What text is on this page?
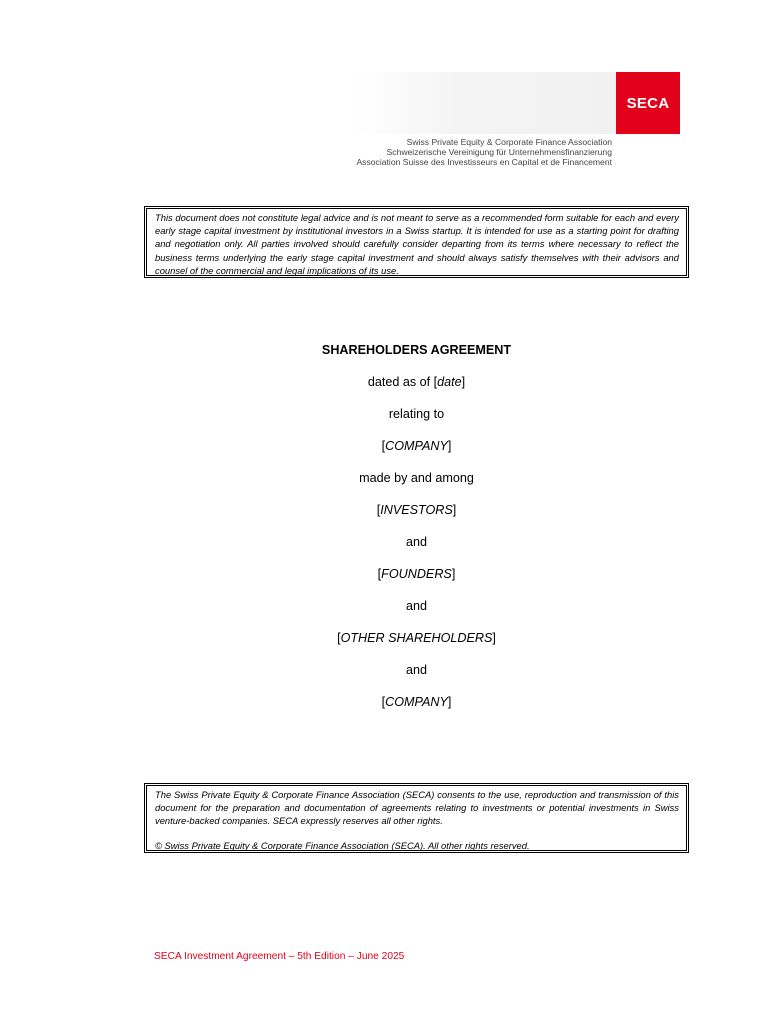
SECA
Swiss Private Equity & Corporate Finance Association
Schweizerische Vereinigung für Unternehmensfinanzierung
Association Suisse des Investisseurs en Capital et de Financement

This document does not constitute legal advice and is not meant to serve as a recommended form suitable for each and every early stage capital investment by institutional investors in a Swiss startup. It is intended for use as a starting point for drafting and negotiation only. All parties involved should carefully consider departing from its terms where necessary to reflect the business terms underlying the early stage capital investment and should always satisfy themselves with their advisors and counsel of the commercial and legal implications of its use.

SHAREHOLDERS AGREEMENT
dated as of [date]
relating to
[COMPANY]
made by and among
[INVESTORS]
and
[FOUNDERS]
and
[OTHER SHAREHOLDERS]
and
[COMPANY]

The Swiss Private Equity & Corporate Finance Association (SECA) consents to the use, reproduction and transmission of this document for the preparation and documentation of agreements relating to investments or potential investments in Swiss venture-backed companies. SECA expressly reserves all other rights.

© Swiss Private Equity & Corporate Finance Association (SECA). All other rights reserved.

SECA Investment Agreement – 5th Edition – June 2025
